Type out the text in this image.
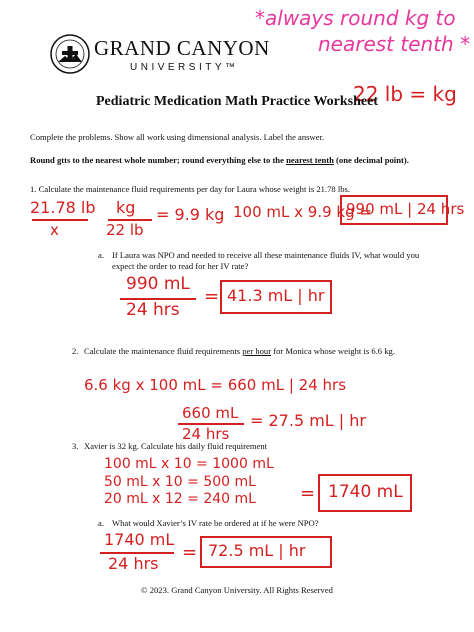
GRAND CANYON
UNIVERSITY™
*always round kg to
nearest tenth *
22 lb = kg
Pediatric Medication Math Practice Worksheet
Complete the problems. Show all work using dimensional analysis. Label the answer.
Round gtts to the nearest whole number; round everything else to the nearest tenth (one decimal point).
1. Calculate the maintenance fluid requirements per day for Laura whose weight is 21.78 lbs.
21.78 lb
x
kg
22 lb
= 9.9 kg 100 mL x 9.9 kg =
990 mL | 24 hrs
a. If Laura was NPO and needed to receive all these maintenance fluids IV, what would you expect the order to read for her IV rate?
990 mL
24 hrs
= 41.3 mL | hr
2. Calculate the maintenance fluid requirements per hour for Monica whose weight is 6.6 kg.
6.6 kg x 100 mL = 660 mL | 24 hrs
660 mL
24 hrs
= 27.5 mL | hr
3. Xavier is 32 kg. Calculate his daily fluid requirement
100 mL x 10 = 1000 mL
50 mL x 10 = 500 mL
20 mL x 12 = 240 mL = 1740 mL
a. What would Xavier’s IV rate be ordered at if he were NPO?
1740 mL
24 hrs
= 72.5 mL | hr
© 2023. Grand Canyon University. All Rights Reserved
